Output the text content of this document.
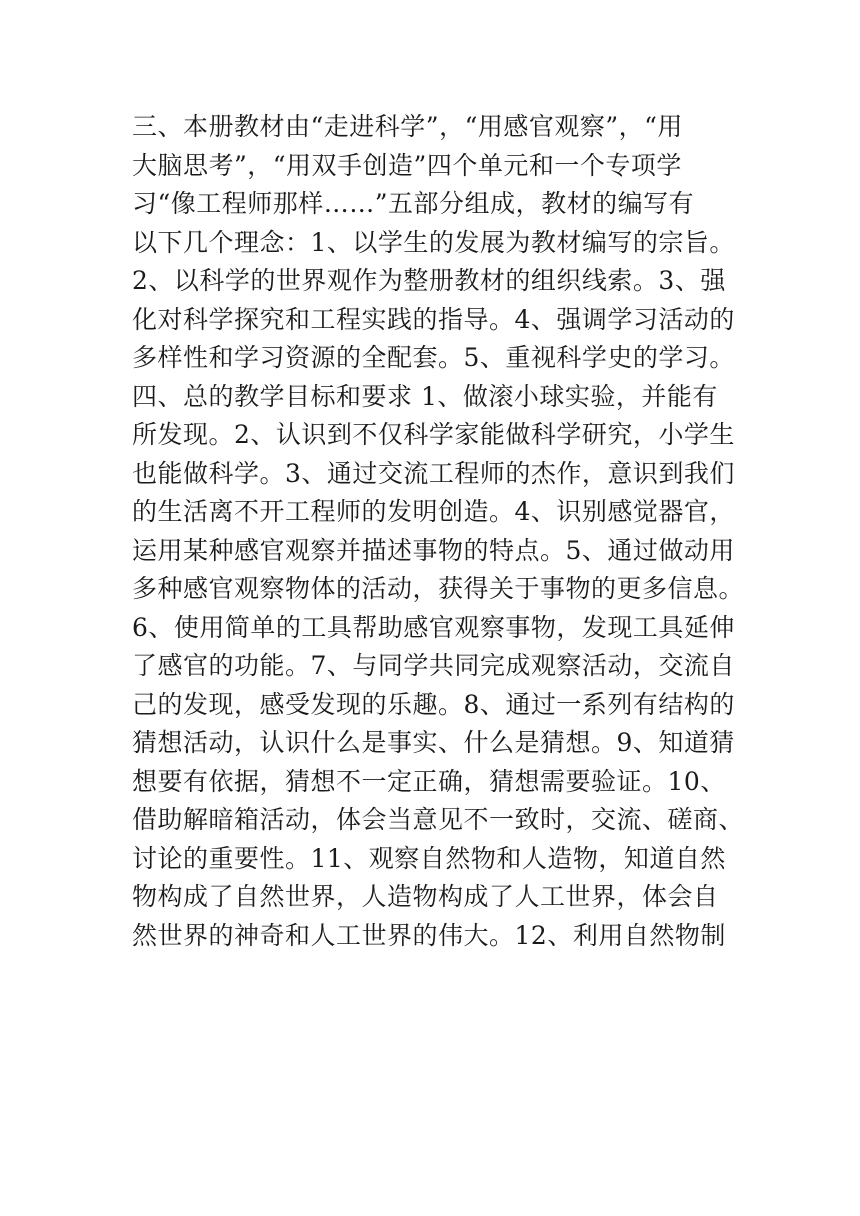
三、本册教材由“走进科学”，“用感官观察”，“用
大脑思考”，“用双手创造”四个单元和一个专项学
习“像工程师那样……”五部分组成，教材的编写有
以下几个理念：1、以学生的发展为教材编写的宗旨。
2、以科学的世界观作为整册教材的组织线索。3、强
化对科学探究和工程实践的指导。4、强调学习活动的
多样性和学习资源的全配套。5、重视科学史的学习。
四、总的教学目标和要求 1、做滚小球实验，并能有
所发现。2、认识到不仅科学家能做科学研究，小学生
也能做科学。3、通过交流工程师的杰作，意识到我们
的生活离不开工程师的发明创造。4、识别感觉器官，
运用某种感官观察并描述事物的特点。5、通过做动用
多种感官观察物体的活动，获得关于事物的更多信息。
6、使用简单的工具帮助感官观察事物，发现工具延伸
了感官的功能。7、与同学共同完成观察活动，交流自
己的发现，感受发现的乐趣。8、通过一系列有结构的
猜想活动，认识什么是事实、什么是猜想。9、知道猜
想要有依据，猜想不一定正确，猜想需要验证。10、
借助解暗箱活动，体会当意见不一致时，交流、磋商、
讨论的重要性。11、观察自然物和人造物，知道自然
物构成了自然世界，人造物构成了人工世界，体会自
然世界的神奇和人工世界的伟大。12、利用自然物制
